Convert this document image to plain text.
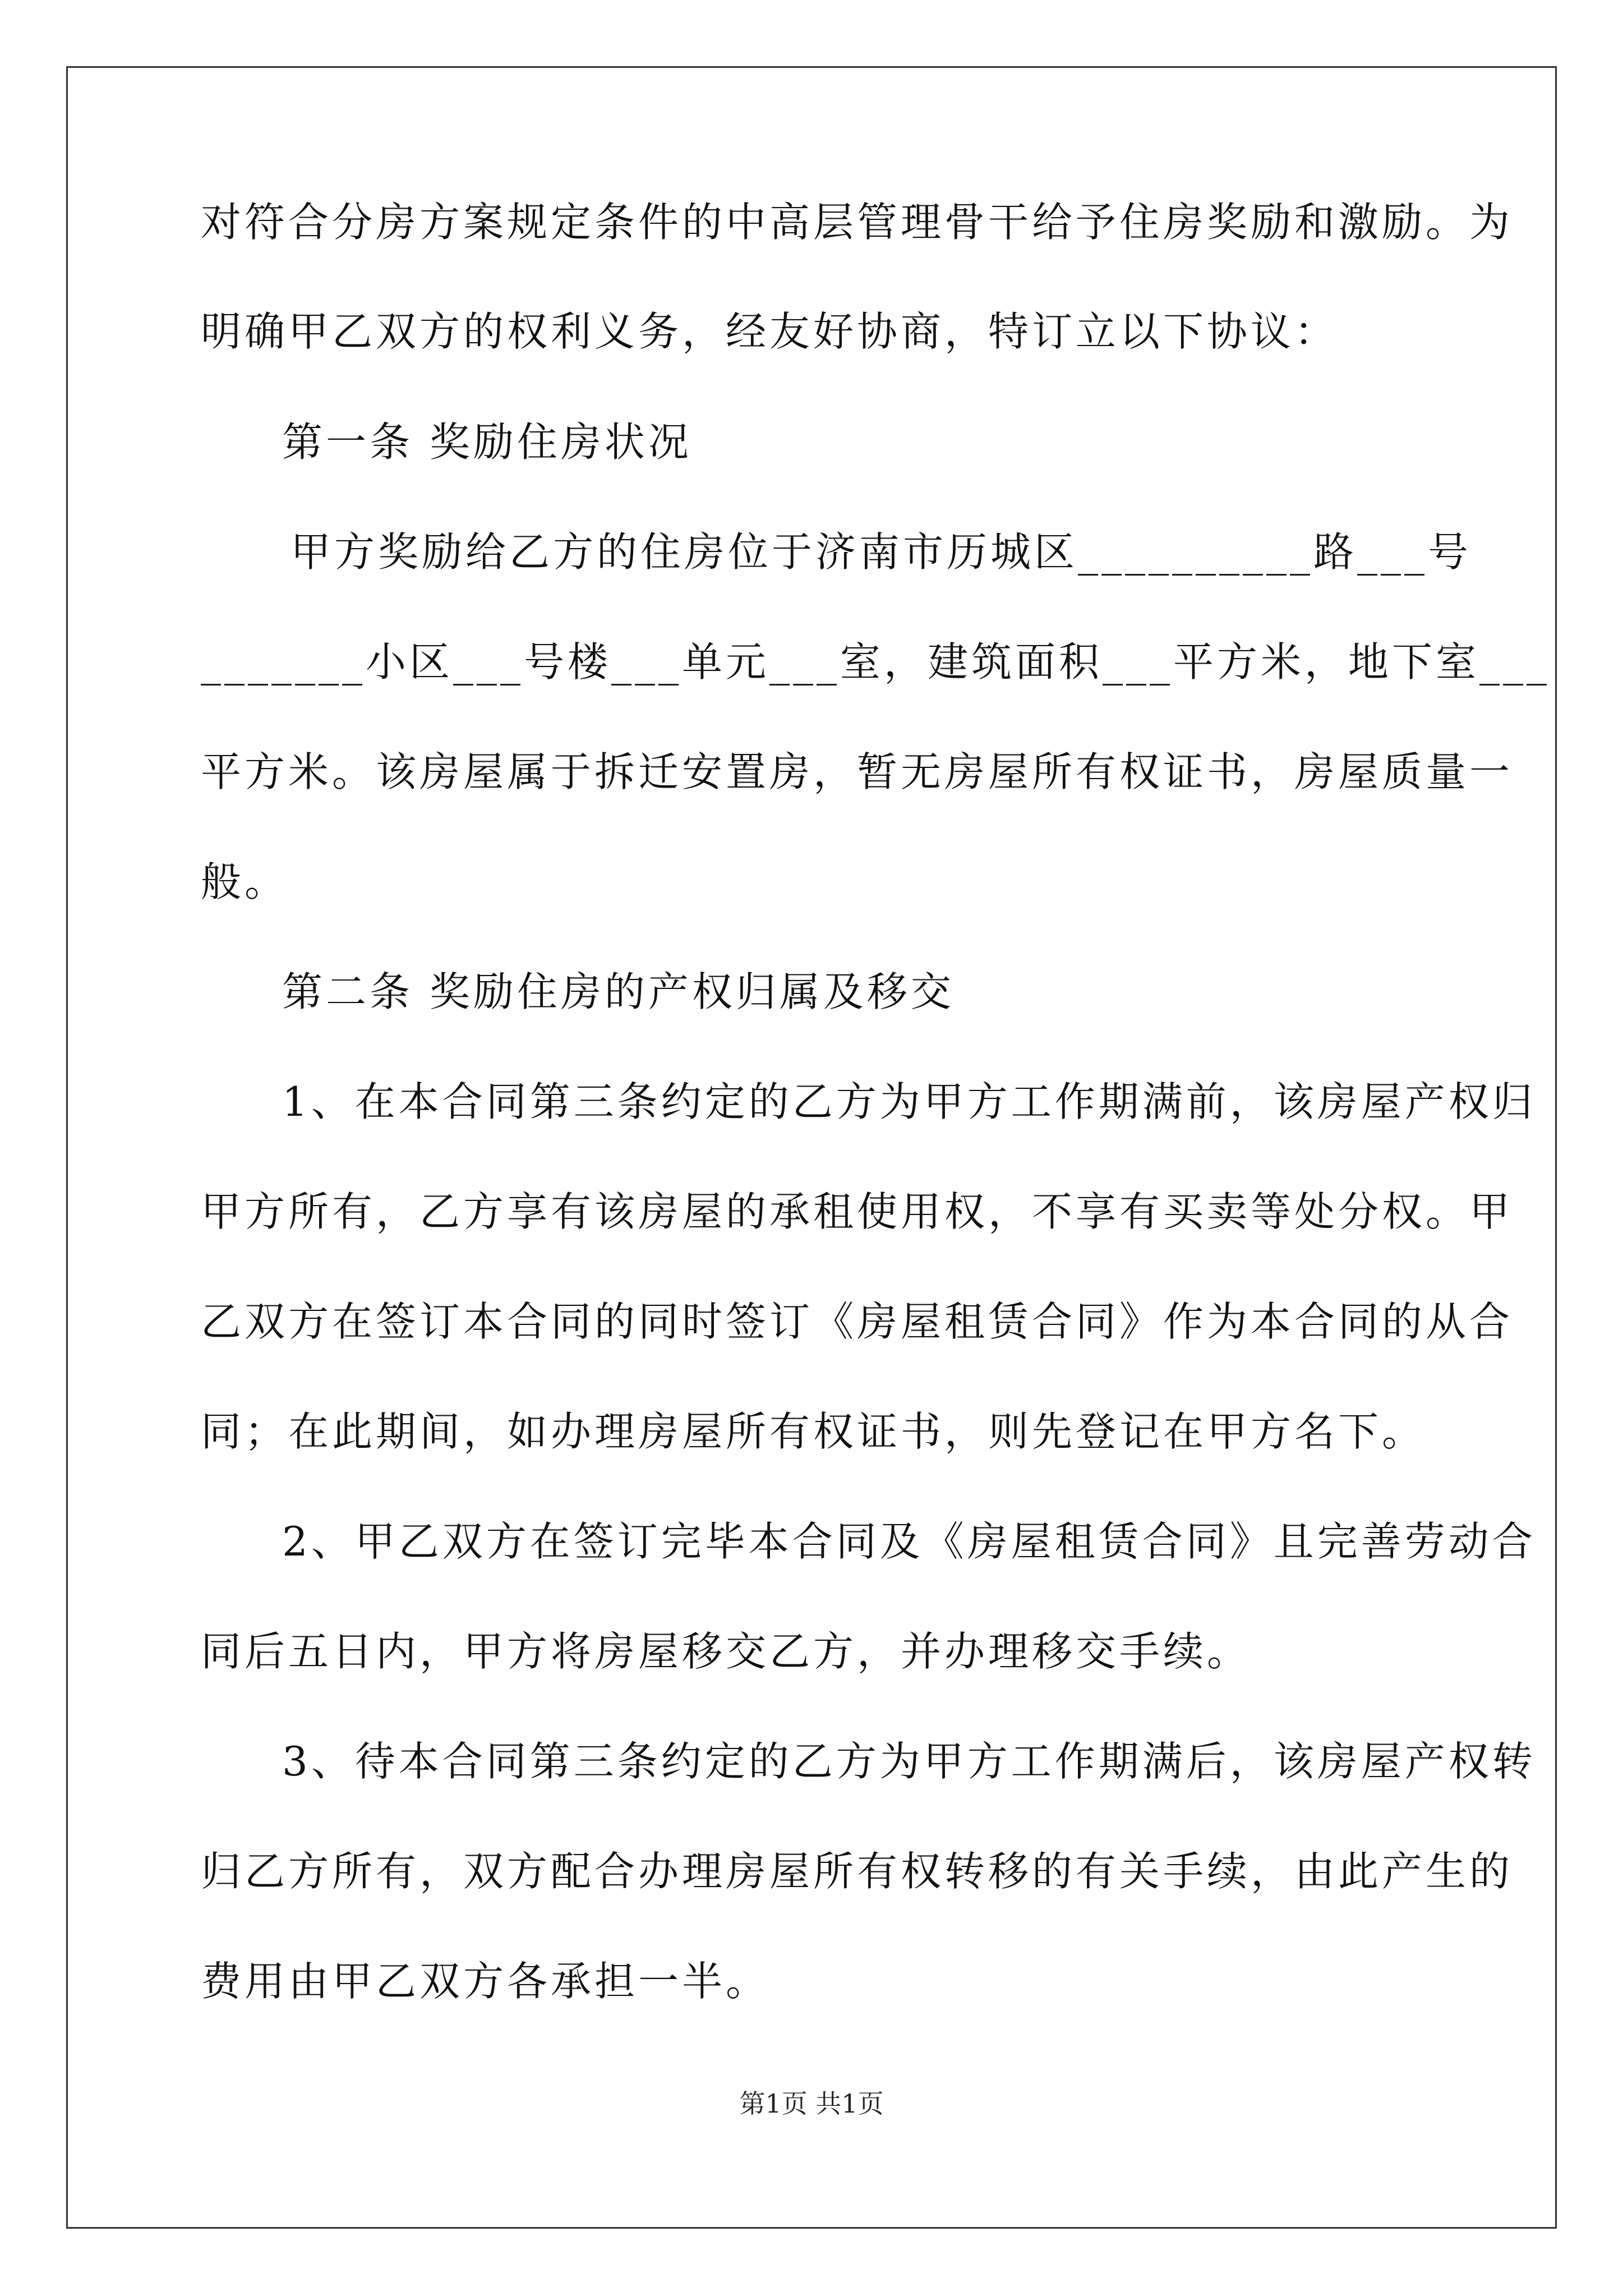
对符合分房方案规定条件的中高层管理骨干给予住房奖励和激励。为
明确甲乙双方的权利义务，经友好协商，特订立以下协议：
第一条 奖励住房状况
甲方奖励给乙方的住房位于济南市历城区__________路___号
_______小区___号楼___单元___室，建筑面积___平方米，地下室___
平方米。该房屋属于拆迁安置房，暂无房屋所有权证书，房屋质量一
般。
第二条 奖励住房的产权归属及移交
1、在本合同第三条约定的乙方为甲方工作期满前，该房屋产权归
甲方所有，乙方享有该房屋的承租使用权，不享有买卖等处分权。甲
乙双方在签订本合同的同时签订《房屋租赁合同》作为本合同的从合
同；在此期间，如办理房屋所有权证书，则先登记在甲方名下。
2、甲乙双方在签订完毕本合同及《房屋租赁合同》且完善劳动合
同后五日内，甲方将房屋移交乙方，并办理移交手续。
3、待本合同第三条约定的乙方为甲方工作期满后，该房屋产权转
归乙方所有，双方配合办理房屋所有权转移的有关手续，由此产生的
费用由甲乙双方各承担一半。
第1页 共1页
